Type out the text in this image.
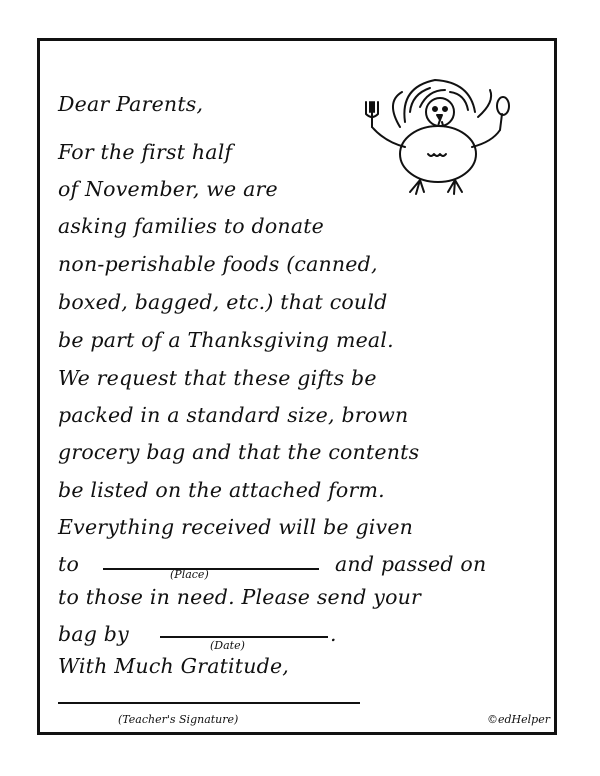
Dear Parents,
For the first half
of November, we are
asking families to donate
non-perishable foods (canned,
boxed, bagged, etc.) that could
be part of a Thanksgiving meal.
We request that these gifts be
packed in a standard size, brown
grocery bag and that the contents
be listed on the attached form.
Everything received will be given
to	and passed on
(Place)
to those in need. Please send your
bag by	.
(Date)
With Much Gratitude,
(Teacher's Signature)	©edHelper
